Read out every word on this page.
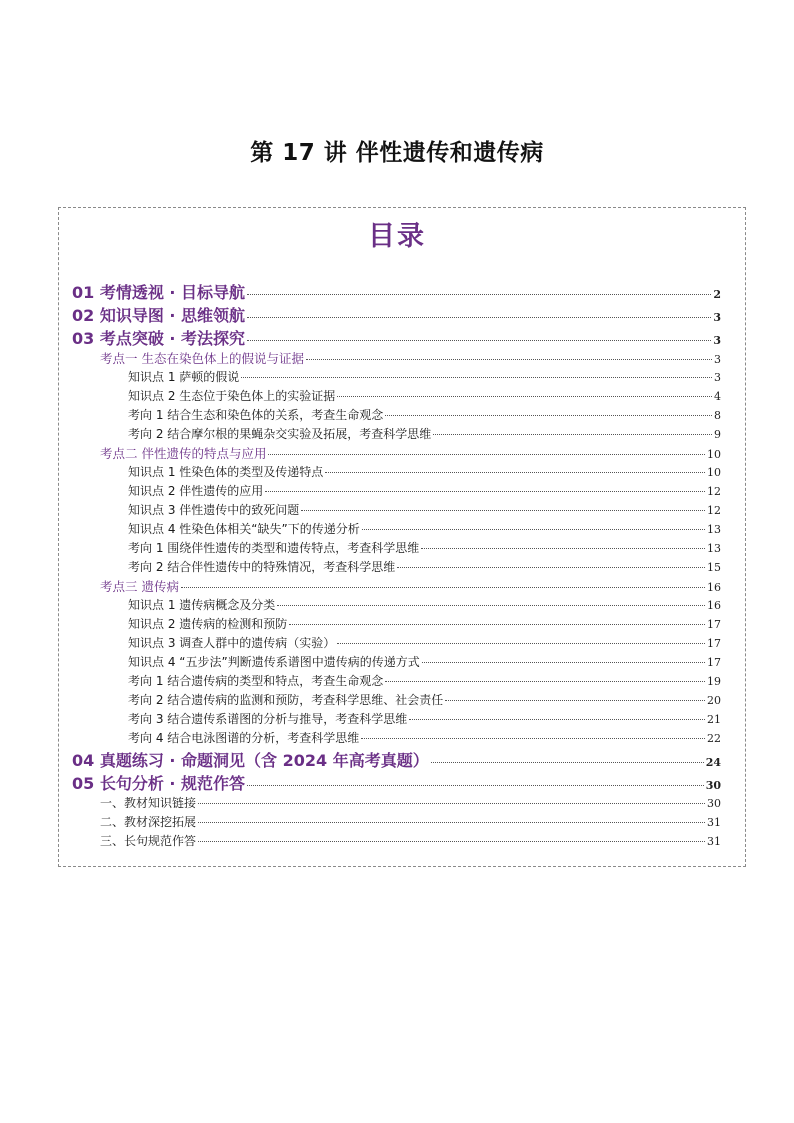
第 17 讲 伴性遗传和遗传病
目录
01 考情透视 · 目标导航	2
02 知识导图 · 思维领航	3
03 考点突破 · 考法探究	3
考点一 生态在染色体上的假说与证据	3
知识点 1 萨顿的假说	3
知识点 2 生态位于染色体上的实验证据	4
考向 1 结合生态和染色体的关系，考查生命观念	8
考向 2 结合摩尔根的果蝇杂交实验及拓展，考查科学思维	9
考点二 伴性遗传的特点与应用	10
知识点 1 性染色体的类型及传递特点	10
知识点 2 伴性遗传的应用	12
知识点 3 伴性遗传中的致死问题	12
知识点 4 性染色体相关“缺失”下的传递分析	13
考向 1 围绕伴性遗传的类型和遗传特点，考查科学思维	13
考向 2 结合伴性遗传中的特殊情况，考查科学思维	15
考点三 遗传病	16
知识点 1 遗传病概念及分类	16
知识点 2 遗传病的检测和预防	17
知识点 3 调查人群中的遗传病（实验）	17
知识点 4 “五步法”判断遗传系谱图中遗传病的传递方式	17
考向 1 结合遗传病的类型和特点，考查生命观念	19
考向 2 结合遗传病的监测和预防，考查科学思维、社会责任	20
考向 3 结合遗传系谱图的分析与推导，考查科学思维	21
考向 4 结合电泳图谱的分析，考查科学思维	22
04 真题练习 · 命题洞见（含 2024 年高考真题）	24
05 长句分析 · 规范作答	30
一、教材知识链接	30
二、教材深挖拓展	31
三、长句规范作答	31
